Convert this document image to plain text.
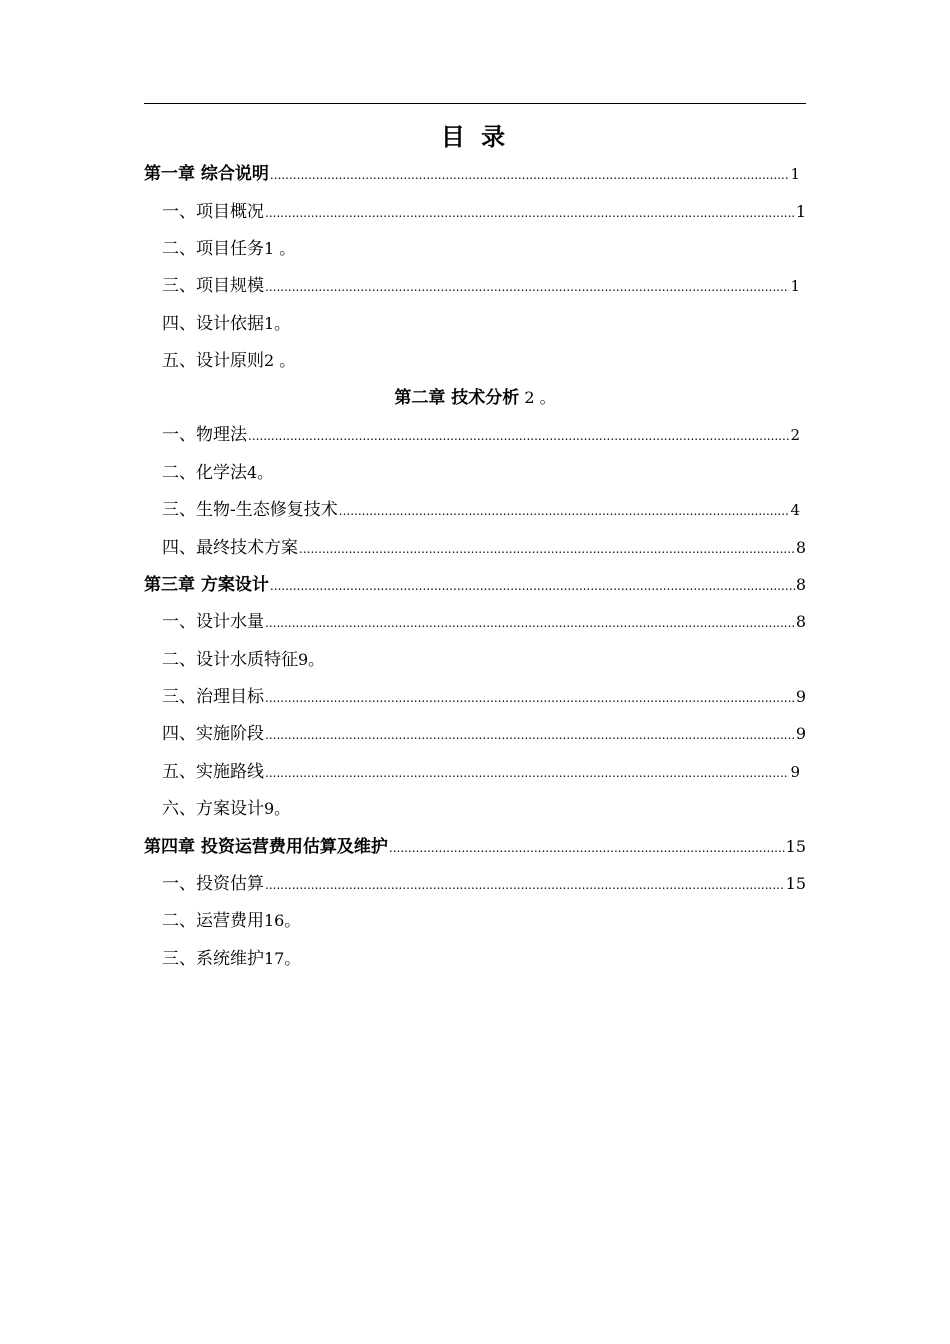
目 录
第一章 综合说明 .....	1
一、项目概况 .....	1
二、项目任务 1 。
三、项目规模 .....	1
四、设计依据 1。
五、设计原则 2 。
第二章 技术分析 2 。
一、物理法 .....	2
二、化学法 4。
三、生物-生态修复技术 .....	4
四、最终技术方案 .....	8
第三章 方案设计 .....	8
一、设计水量 .....	8
二、设计水质特征 9。
三、治理目标 .....	9
四、实施阶段 .....	9
五、实施路线 .....	9
六、方案设计 9。
第四章 投资运营费用估算及维护 .....	15
一、投资估算 .....	15
二、运营费用 16。
三、系统维护 17。
